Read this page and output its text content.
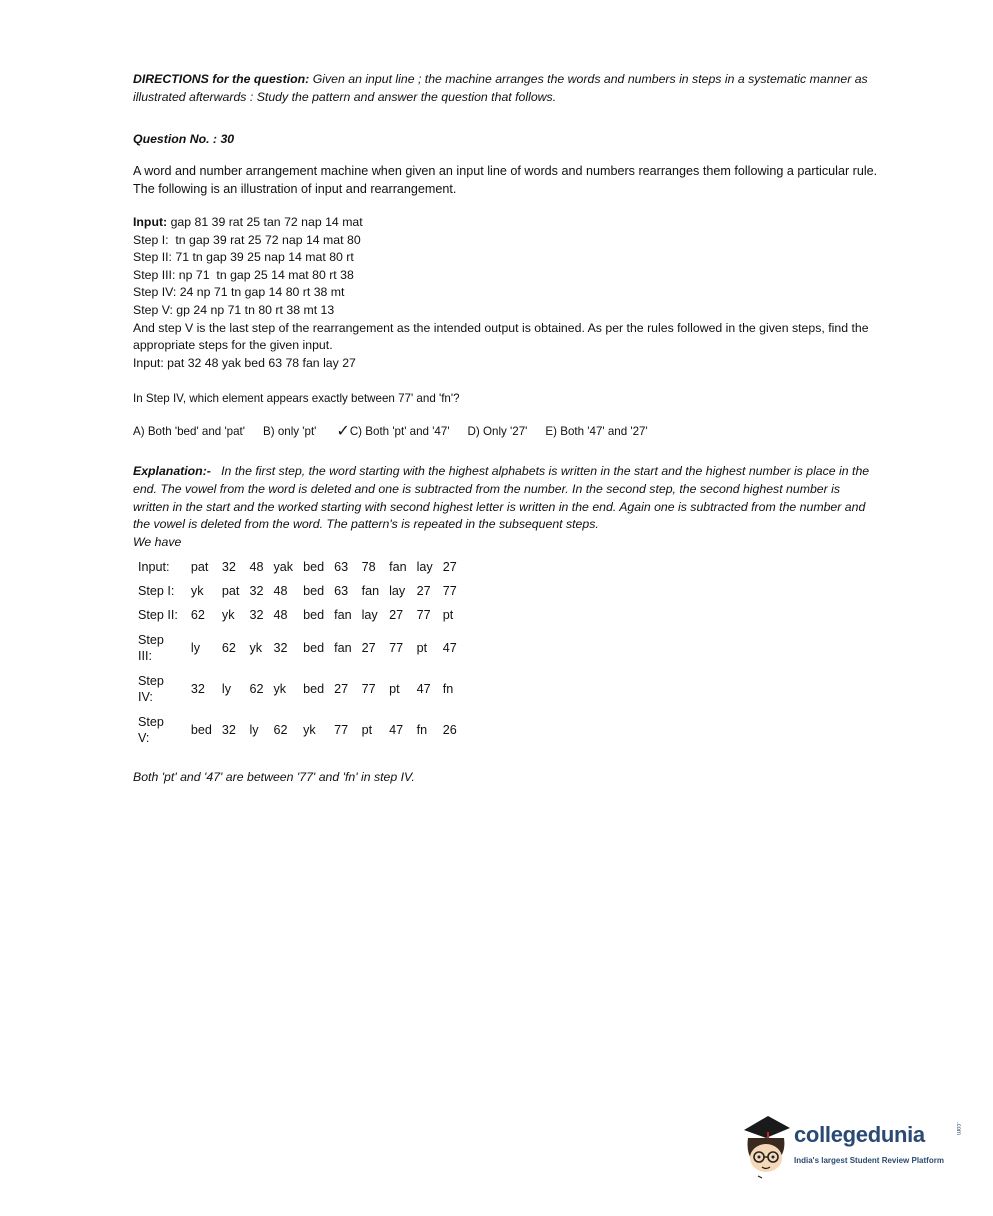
DIRECTIONS for the question: Given an input line ; the machine arranges the words and numbers in steps in a systematic manner as illustrated afterwards : Study the pattern and answer the question that follows.

Question No. : 30

A word and number arrangement machine when given an input line of words and numbers rearranges them following a particular rule. The following is an illustration of input and rearrangement.

Input: gap 81 39 rat 25 tan 72 nap 14 mat
Step I:  tn gap 39 rat 25 72 nap 14 mat 80
Step II: 71 tn gap 39 25 nap 14 mat 80 rt
Step III: np 71  tn gap 25 14 mat 80 rt 38
Step IV: 24 np 71 tn gap 14 80 rt 38 mt
Step V: gp 24 np 71 tn 80 rt 38 mt 13
And step V is the last step of the rearrangement as the intended output is obtained. As per the rules followed in the given steps, find the appropriate steps for the given input.
Input: pat 32 48 yak bed 63 78 fan lay 27

In Step IV, which element appears exactly between 77' and 'fn'?

A) Both 'bed' and 'pat' B) only 'pt' ✓C) Both 'pt' and '47' D) Only '27' E) Both '47' and '27'

Explanation:- In the first step, the word starting with the highest alphabets is written in the start and the highest number is place in the end. The vowel from the word is deleted and one is subtracted from the number. In the second step, the second highest number is written in the start and the worked starting with second highest letter is written in the end. Again one is subtracted from the number and the vowel is deleted from the word. The pattern's is repeated in the subsequent steps.

We have

Input:	pat	32	48	yak	bed	63	78	fan	lay	27
Step I:	yk	pat	32	48	bed	63	fan	lay	27	77
Step II:	62	yk	32	48	bed	fan	lay	27	77	pt
Step III:	ly	62	yk	32	bed	fan	27	77	pt	47
Step IV:	32	ly	62	yk	bed	27	77	pt	47	fn
Step V:	bed	32	ly	62	yk	77	pt	47	fn	26

Both 'pt' and '47' are between '77' and 'fn' in step IV.

collegedunia	.com
India's largest Student Review Platform
